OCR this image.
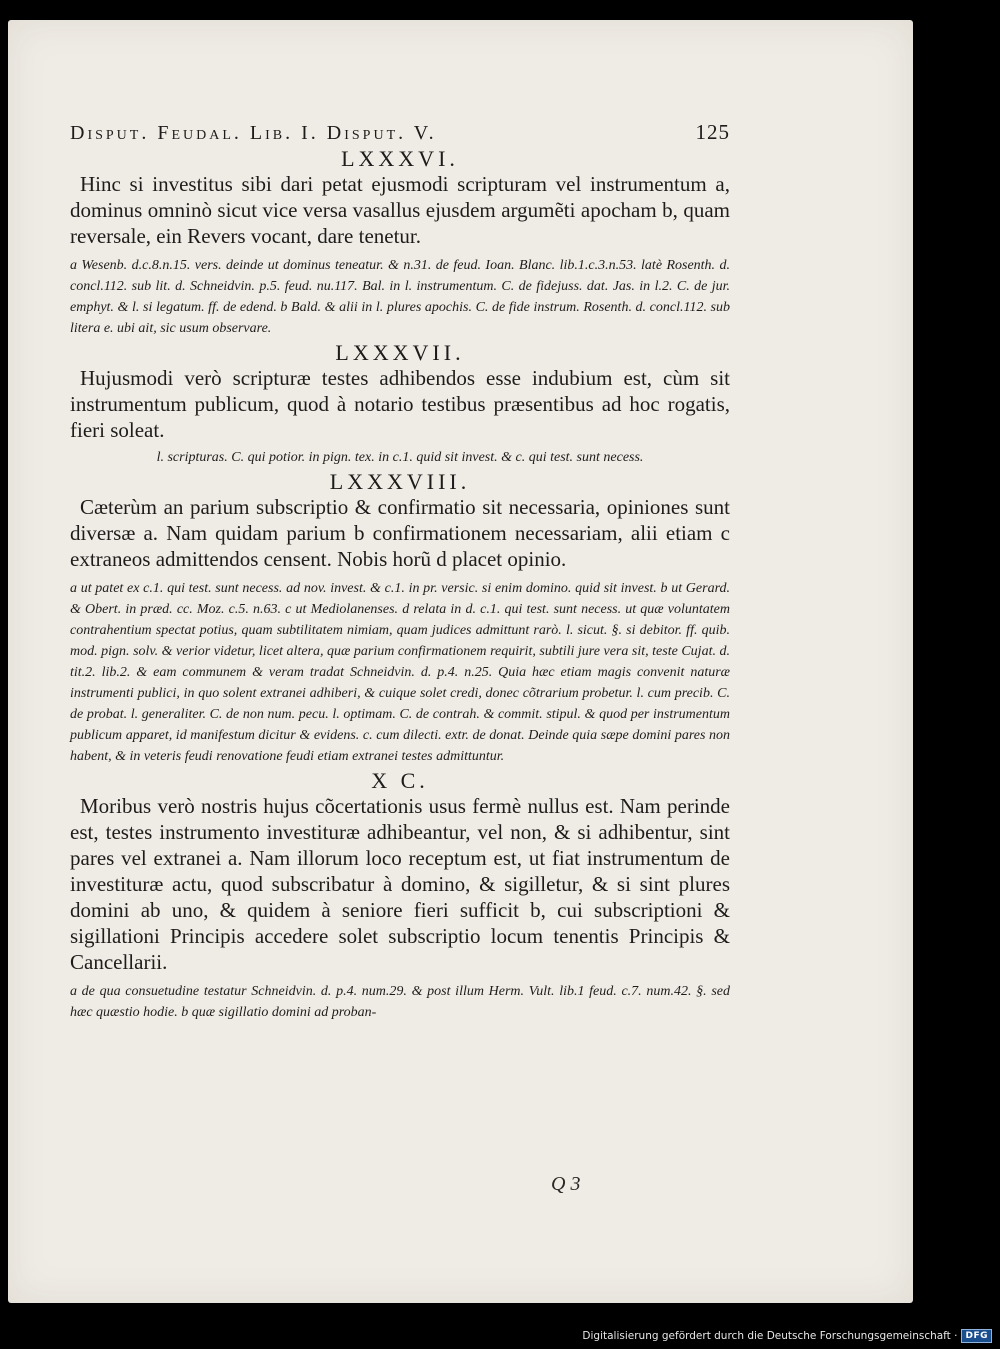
Disput. Feudal. Lib. I. Disput. V.	125
LXXXVI.

Hinc si investitus sibi dari petat ejusmodi scripturam vel instrumentum a, dominus omninò sicut vice versa vasallus ejusdem argumẽti apocham b, quam reversale, ein Revers vocant, dare tenetur.

a Wesenb. d.c.8.n.15. vers. deinde ut dominus teneatur. & n.31. de feud. Ioan. Blanc. lib.1.c.3.n.53. latè Rosenth. d. concl.112. sub lit. d. Schneidvin. p.5. feud. nu.117. Bal. in l. instrumentum. C. de fidejuss. dat. Jas. in l.2. C. de jur. emphyt. & l. si legatum. ff. de edend. b Bald. & alii in l. plures apochis. C. de fide instrum. Rosenth. d. concl.112. sub litera e. ubi ait, sic usum observare.

LXXXVII.

Hujusmodi verò scripturæ testes adhibendos esse indubium est, cùm sit instrumentum publicum, quod à notario testibus præsentibus ad hoc rogatis, fieri soleat.

l. scripturas. C. qui potior. in pign. tex. in c.1. quid sit invest. & c. qui test. sunt necess.

LXXXVIII.

Cæterùm an parium subscriptio & confirmatio sit necessaria, opiniones sunt diversæ a. Nam quidam parium b confirmationem necessariam, alii etiam c extraneos admittendos censent. Nobis horũ d placet opinio.

a ut patet ex c.1. qui test. sunt necess. ad nov. invest. & c.1. in pr. versic. si enim domino. quid sit invest. b ut Gerard. & Obert. in præd. cc. Moz. c.5. n.63. c ut Mediolanenses. d relata in d. c.1. qui test. sunt necess. ut quæ voluntatem contrahentium spectat potius, quam subtilitatem nimiam, quam judices admittunt rarò. l. sicut. §. si debitor. ff. quib. mod. pign. solv. & verior videtur, licet altera, quæ parium confirmationem requirit, subtili jure vera sit, teste Cujat. d. tit.2. lib.2. & eam communem & veram tradat Schneidvin. d. p.4. n.25. Quia hæc etiam magis convenit naturæ instrumenti publici, in quo solent extranei adhiberi, & cuique solet credi, donec cõtrarium probetur. l. cum precib. C. de probat. l. generaliter. C. de non num. pecu. l. optimam. C. de contrah. & commit. stipul. & quod per instrumentum publicum apparet, id manifestum dicitur & evidens. c. cum dilecti. extr. de donat. Deinde quia sæpe domini pares non habent, & in veteris feudi renovatione feudi etiam extranei testes admittuntur.

X C.

Moribus verò nostris hujus cõcertationis usus fermè nullus est. Nam perinde est, testes instrumento investituræ adhibeantur, vel non, & si adhibentur, sint pares vel extranei a. Nam illorum loco receptum est, ut fiat instrumentum de investituræ actu, quod subscribatur à domino, & sigilletur, & si sint plures domini ab uno, & quidem à seniore fieri sufficit b, cui subscriptioni & sigillationi Principis accedere solet subscriptio locum tenentis Principis & Cancellarii.

a de qua consuetudine testatur Schneidvin. d. p.4. num.29. & post illum Herm. Vult. lib.1 feud. c.7. num.42. §. sed hæc quæstio hodie. b quæ sigillatio domini ad proban-

Q 3
Digitalisierung gefördert durch die Deutsche Forschungsgemeinschaft · DFG
